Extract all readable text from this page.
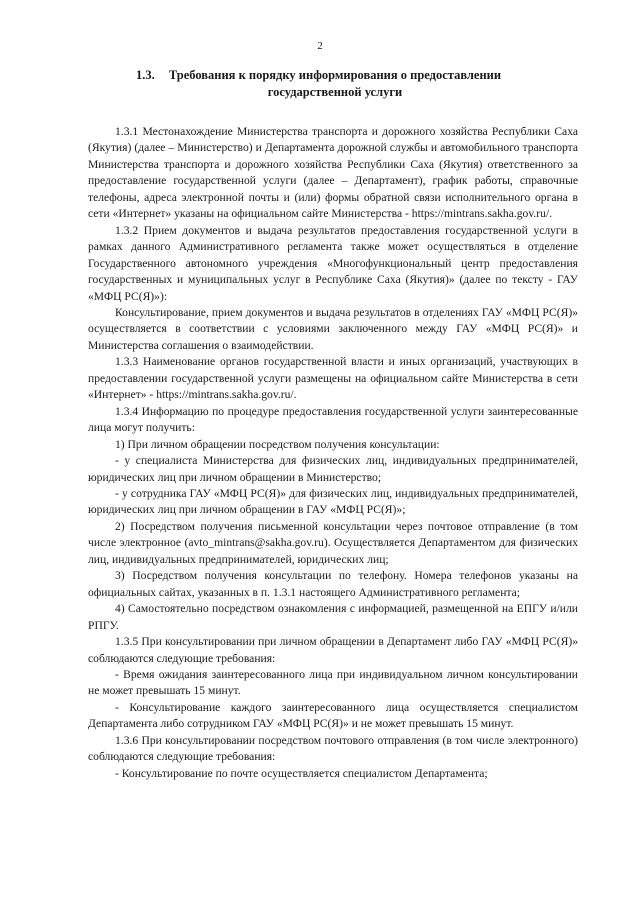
2
1.3.	Требования к порядку информирования о предоставлении
государственной услуги

1.3.1 Местонахождение Министерства транспорта и дорожного хозяйства Республики Саха (Якутия) (далее – Министерство) и Департамента дорожной службы и автомобильного транспорта Министерства транспорта и дорожного хозяйства Республики Саха (Якутия) ответственного за предоставление государственной услуги (далее – Департамент), график работы, справочные телефоны, адреса электронной почты и (или) формы обратной связи исполнительного органа в сети «Интернет» указаны на официальном сайте Министерства - https://mintrans.sakha.gov.ru/.

1.3.2 Прием документов и выдача результатов предоставления государственной услуги в рамках данного Административного регламента также может осуществляться в отделение Государственного автономного учреждения «Многофункциональный центр предоставления государственных и муниципальных услуг в Республике Саха (Якутия)» (далее по тексту - ГАУ «МФЦ РС(Я)»):

Консультирование, прием документов и выдача результатов в отделениях ГАУ «МФЦ РС(Я)» осуществляется в соответствии с условиями заключенного между ГАУ «МФЦ РС(Я)» и Министерства соглашения о взаимодействии.

1.3.3 Наименование органов государственной власти и иных организаций, участвующих в предоставлении государственной услуги размещены на официальном сайте Министерства в сети «Интернет» - https://mintrans.sakha.gov.ru/.

1.3.4 Информацию по процедуре предоставления государственной услуги заинтересованные лица могут получить:

1) При личном обращении посредством получения консультации:

- у специалиста Министерства для физических лиц, индивидуальных предпринимателей, юридических лиц при личном обращении в Министерство;

- у сотрудника ГАУ «МФЦ РС(Я)» для физических лиц, индивидуальных предпринимателей, юридических лиц при личном обращении в ГАУ «МФЦ РС(Я)»;

2) Посредством получения письменной консультации через почтовое отправление (в том числе электронное (avto_mintrans@sakha.gov.ru). Осуществляется Департаментом для физических лиц, индивидуальных предпринимателей, юридических лиц;

3) Посредством получения консультации по телефону. Номера телефонов указаны на официальных сайтах, указанных в п. 1.3.1 настоящего Административного регламента;

4) Самостоятельно посредством ознакомления с информацией, размещенной на ЕПГУ и/или РПГУ.

1.3.5 При консультировании при личном обращении в Департамент либо ГАУ «МФЦ РС(Я)» соблюдаются следующие требования:

- Время ожидания заинтересованного лица при индивидуальном личном консультировании не может превышать 15 минут.

- Консультирование каждого заинтересованного лица осуществляется специалистом Департамента либо сотрудником ГАУ «МФЦ РС(Я)» и не может превышать 15 минут.

1.3.6 При консультировании посредством почтового отправления (в том числе электронного) соблюдаются следующие требования:

- Консультирование по почте осуществляется специалистом Департамента;
